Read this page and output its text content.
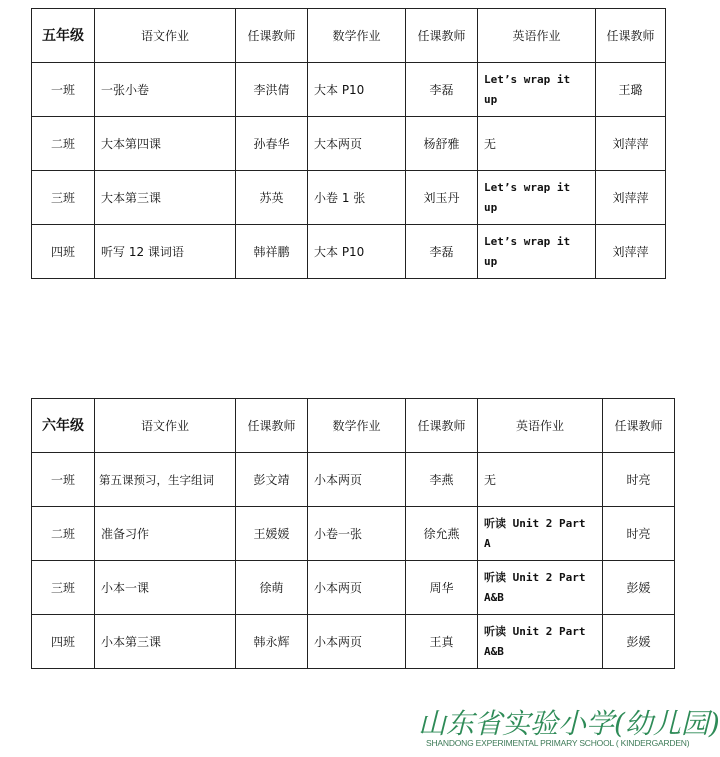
五年级	语文作业	任课教师	数学作业	任课教师	英语作业	任课教师
一班	一张小卷	李洪倩	大本 P10	李磊	Let’s wrap it up	王璐
二班	大本第四课	孙春华	大本两页	杨舒雅	无	刘萍萍
三班	大本第三课	苏英	小卷 1 张	刘玉丹	Let’s wrap it up	刘萍萍
四班	听写 12 课词语	韩祥鹏	大本 P10	李磊	Let’s wrap it up	刘萍萍
六年级	语文作业	任课教师	数学作业	任课教师	英语作业	任课教师
一班	第五课预习，生字组词	彭文靖	小本两页	李燕	无	时亮
二班	准备习作	王媛媛	小卷一张	徐允燕	听读 Unit 2 Part A	时亮
三班	小本一课	徐萌	小本两页	周华	听读 Unit 2 Part A&B	彭媛
四班	小本第三课	韩永辉	小本两页	王真	听读 Unit 2 Part A&B	彭媛
山东省实验小学(幼儿园)
SHANDONG EXPERIMENTAL PRIMARY SCHOOL ( KINDERGARDEN)
